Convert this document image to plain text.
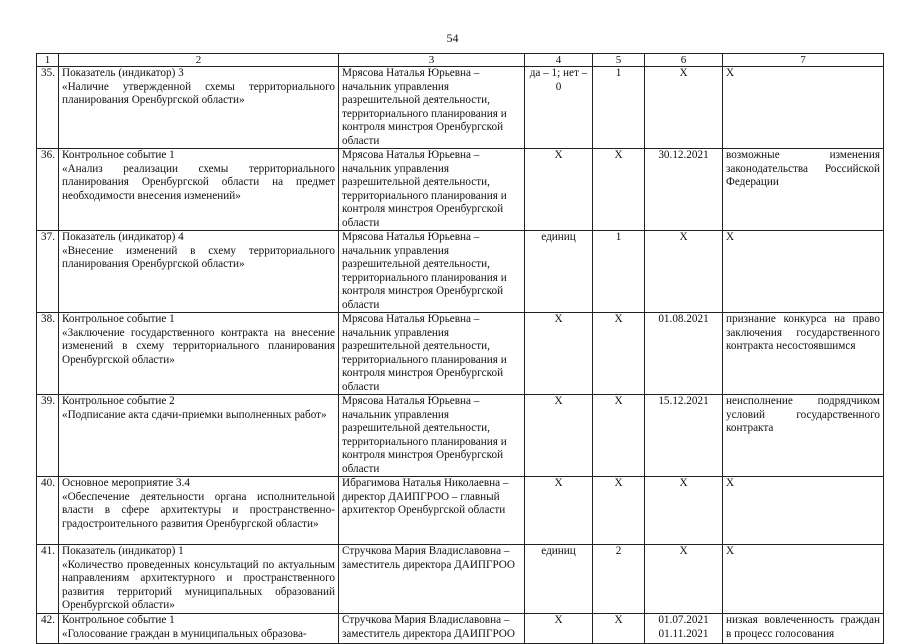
54
1	2	3	4	5	6	7

35.	Показатель (индикатор) 3
«Наличие утвержденной схемы территориального планирования Оренбургской области»	Мрясова Наталья Юрьевна – начальник управления разрешительной деятельности, территориального планирования и контроля минстроя Оренбургской области	да – 1; нет – 0	1	X	X

36.	Контрольное событие 1
«Анализ реализации схемы территориального планирования Оренбургской области на предмет необходимости внесения изменений»	Мрясова Наталья Юрьевна – начальник управления разрешительной деятельности, территориального планирования и контроля минстроя Оренбургской области	X	X	30.12.2021	возможные изменения законодательства Российской Федерации

37.	Показатель (индикатор) 4
«Внесение изменений в схему территориального планирования Оренбургской области»	Мрясова Наталья Юрьевна – начальник управления разрешительной деятельности, территориального планирования и контроля минстроя Оренбургской области	единиц	1	X	X

38.	Контрольное событие 1
«Заключение государственного контракта на внесение изменений в схему территориального планирования Оренбургской области»	Мрясова Наталья Юрьевна – начальник управления разрешительной деятельности, территориального планирования и контроля минстроя Оренбургской области	X	X	01.08.2021	признание конкурса на право заключения государственного контракта несостоявшимся

39.	Контрольное событие 2
«Подписание акта сдачи-приемки выполненных работ»	Мрясова Наталья Юрьевна – начальник управления разрешительной деятельности, территориального планирования и контроля минстроя Оренбургской области	X	X	15.12.2021	неисполнение подрядчиком условий государственного контракта

40.	Основное мероприятие 3.4
«Обеспечение деятельности органа исполнительной власти в сфере архитектуры и пространственно-градостроительного развития Оренбургской области»	Ибрагимова Наталья Николаевна – директор ДАИПГРОО – главный архитектор Оренбургской области	X	X	X	X

41.	Показатель (индикатор) 1
«Количество проведенных консультаций по актуальным направлениям архитектурного и пространственного развития территорий муниципальных образований Оренбургской области»	Стручкова Мария Владиславовна – заместитель директора ДАИПГРОО	единиц	2	X	X

42.	Контрольное событие 1
«Голосование граждан в муниципальных образова-	Стручкова Мария Владиславовна – заместитель директора ДАИПГРОО	X	X	01.07.2021 01.11.2021	низкая вовлеченность граждан в процесс голосования
